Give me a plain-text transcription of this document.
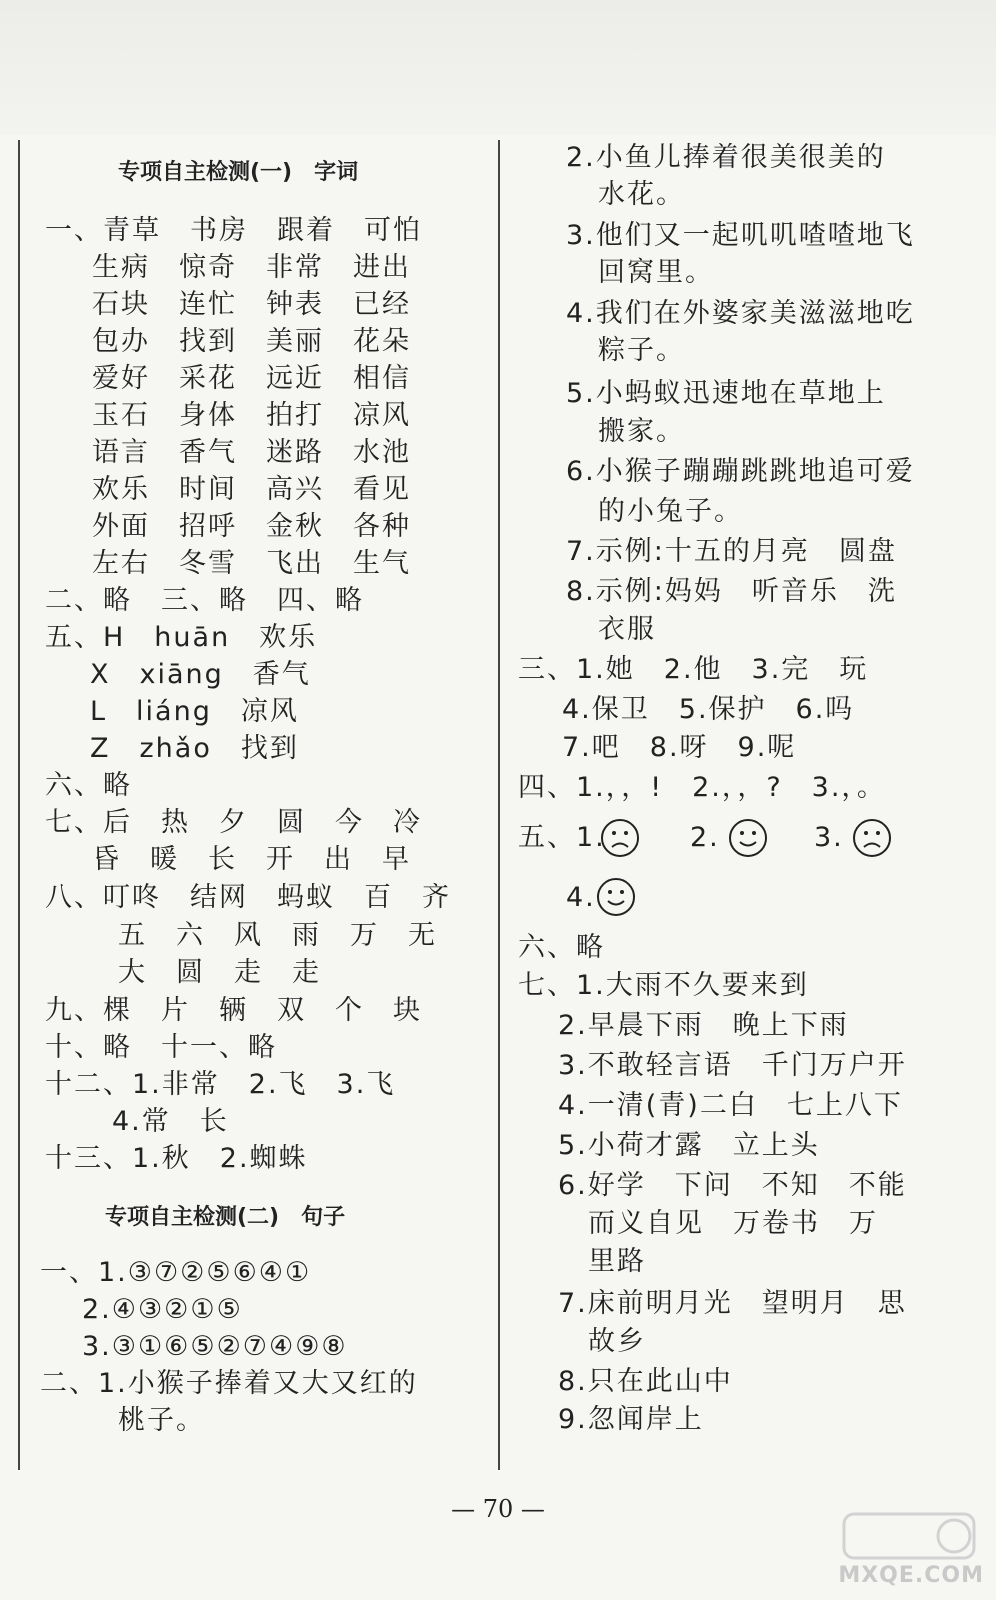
专项自主检测(一)　字词
一、青草　书房　跟着　可怕
生病　惊奇　非常　进出
石块　连忙　钟表　已经
包办　找到　美丽　花朵
爱好　采花　远近　相信
玉石　身体　拍打　凉风
语言　香气　迷路　水池
欢乐　时间　高兴　看见
外面　招呼　金秋　各种
左右　冬雪　飞出　生气
二、略　三、略　四、略
五、H　huān　欢乐
X　xiāng　香气
L　liáng　凉风
Z　zhǎo　找到
六、略
七、后　热　夕　圆　今　冷
昏　暖　长　开　出　早
八、叮咚　结网　蚂蚁　百　齐
五　六　风　雨　万　无
大　圆　走　走
九、棵　片　辆　双　个　块
十、略　十一、略
十二、1.非常　2.飞　3.飞
4.常　长
十三、1.秋　2.蜘蛛
专项自主检测(二)　句子
一、1.③⑦②⑤⑥④①
2.④③②①⑤
3.③①⑥⑤②⑦④⑨⑧
二、1.小猴子捧着又大又红的
桃子。
2.小鱼儿捧着很美很美的
水花。
3.他们又一起叽叽喳喳地飞
回窝里。
4.我们在外婆家美滋滋地吃
粽子。
5.小蚂蚁迅速地在草地上
搬家。
6.小猴子蹦蹦跳跳地追可爱
的小兔子。
7.示例:十五的月亮　圆盘
8.示例:妈妈　听音乐　洗
衣服
三、1.她　2.他　3.完　玩
4.保卫　5.保护　6.吗
7.吧　8.呀　9.呢
四、1.，，!　2.，，?　3.，。
五、1.	2.	3.
4.
六、略
七、1.大雨不久要来到
2.早晨下雨　晚上下雨
3.不敢轻言语　千门万户开
4.一清(青)二白　七上八下
5.小荷才露　立上头
6.好学　下问　不知　不能
而义自见　万卷书　万
里路
7.床前明月光　望明月　思
故乡
8.只在此山中
9.忽闻岸上
— 70 —
MXQE.COM
